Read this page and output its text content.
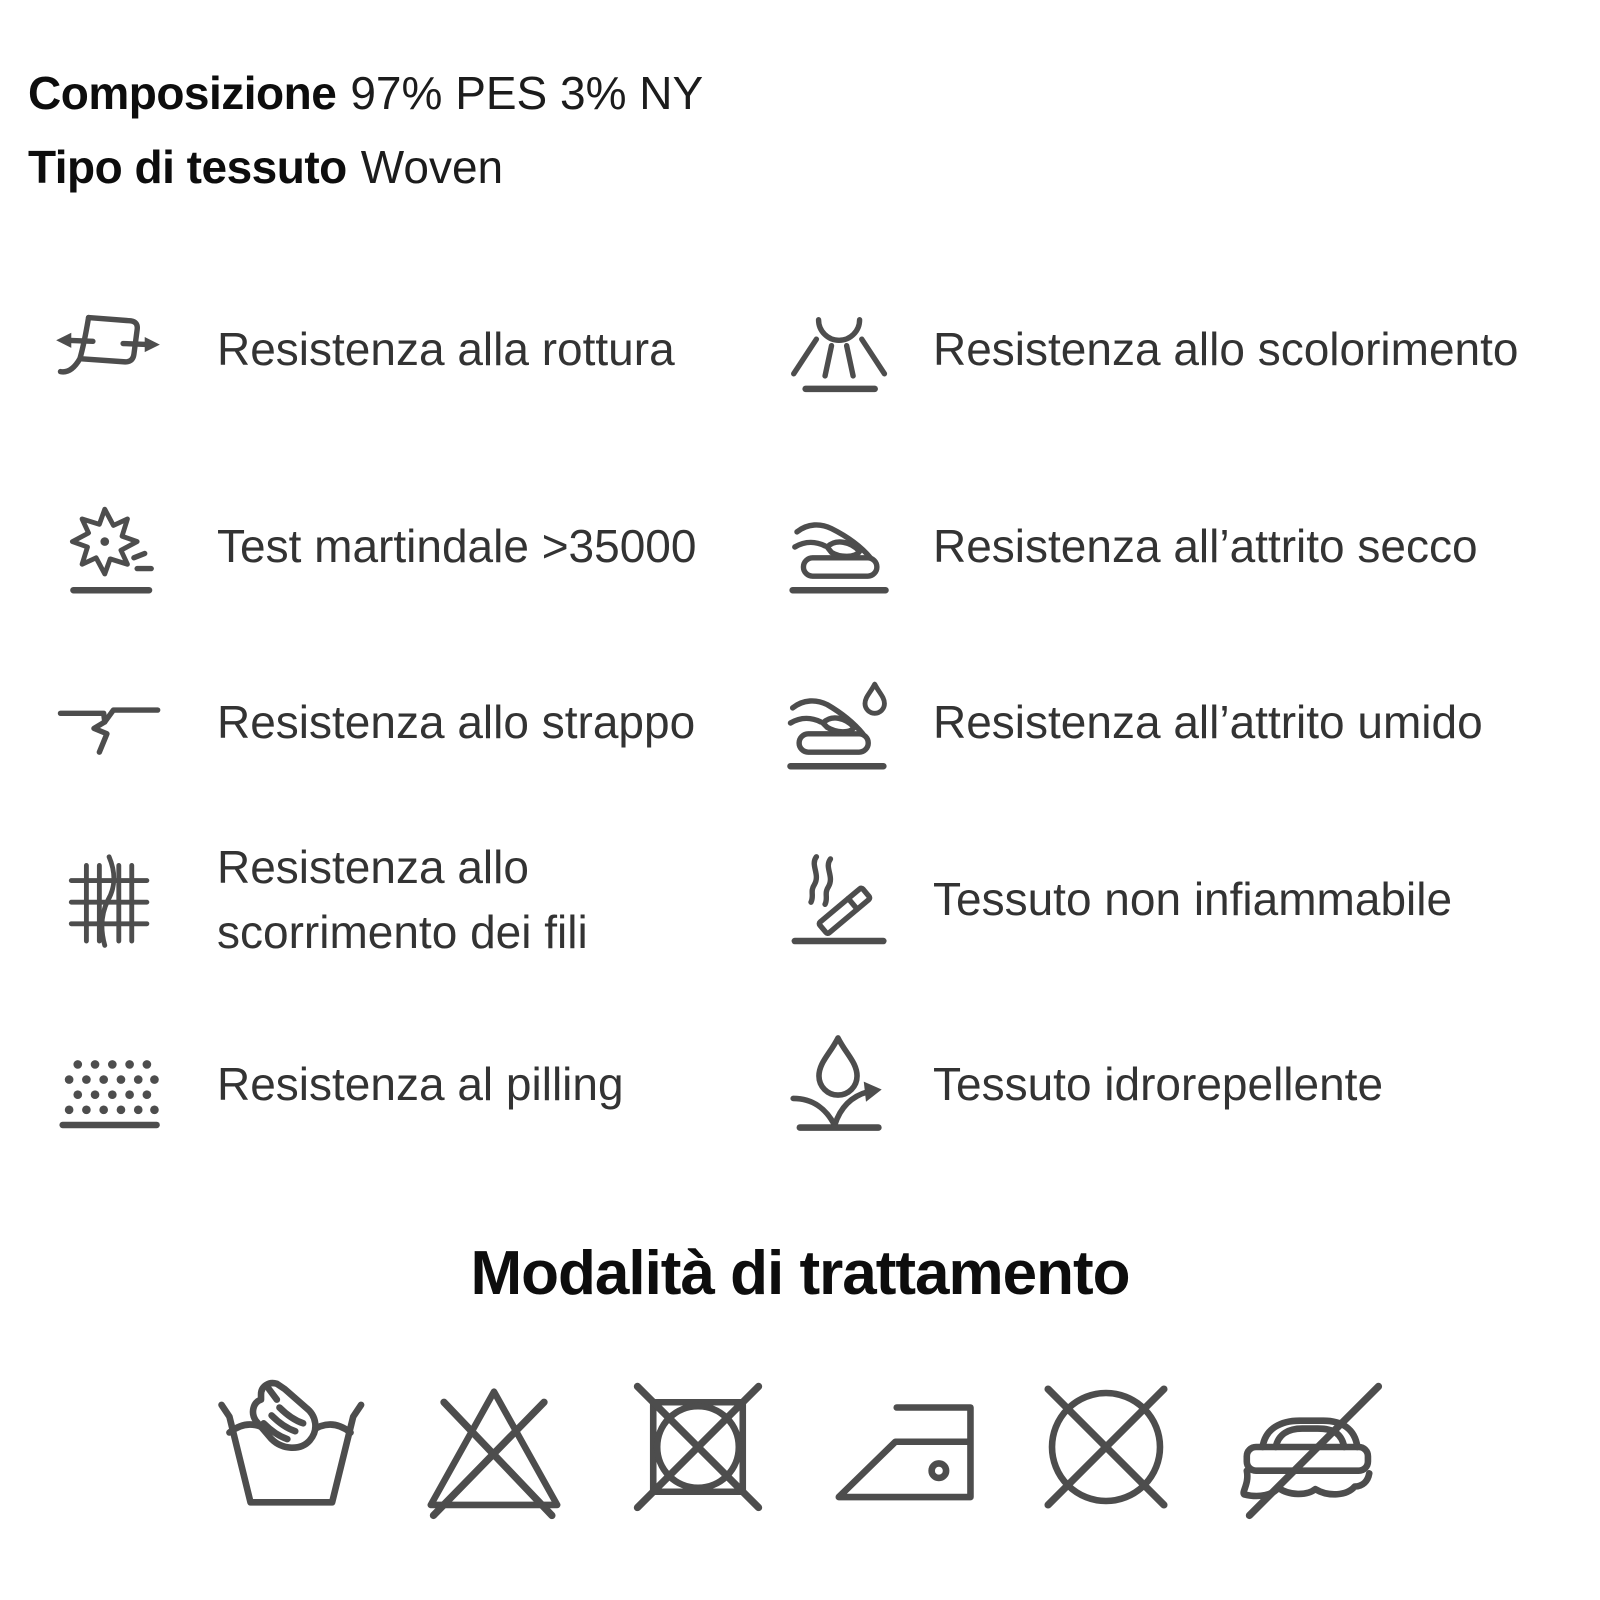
Composizione 97% PES 3% NY
Tipo di tessuto Woven
Resistenza alla rottura
Test martindale >35000
Resistenza allo strappo
Resistenza allo scorrimento dei fili
Resistenza al pilling
Resistenza allo scolorimento
Resistenza all’attrito secco
Resistenza all’attrito umido
Tessuto non infiammabile
Tessuto idrorepellente
Modalità di trattamento
